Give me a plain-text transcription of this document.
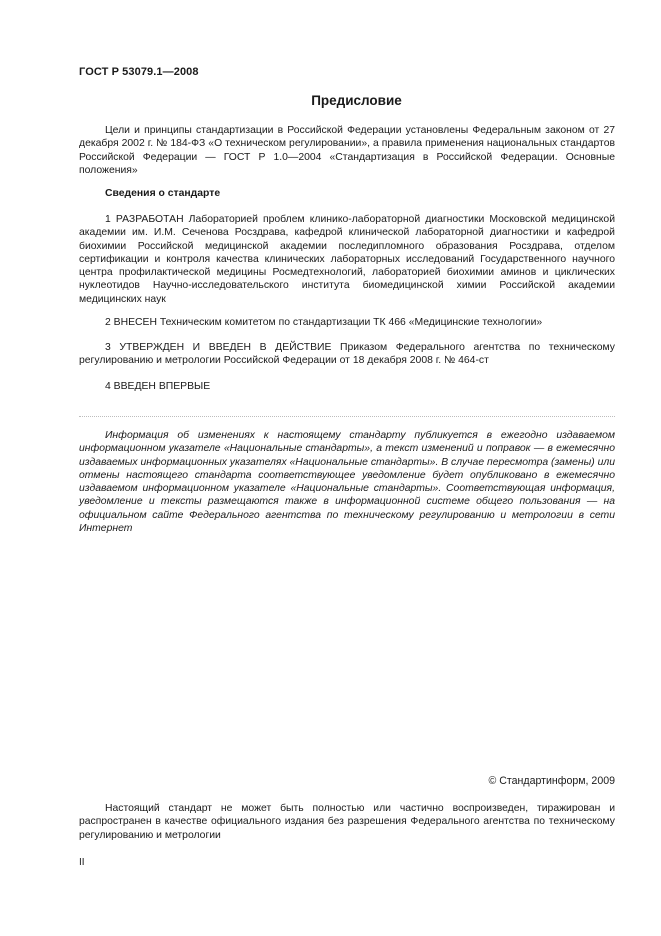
ГОСТ Р 53079.1—2008
Предисловие

Цели и принципы стандартизации в Российской Федерации установлены Федеральным законом от 27 декабря 2002 г. № 184-ФЗ «О техническом регулировании», а правила применения национальных стандартов Российской Федерации — ГОСТ Р 1.0—2004 «Стандартизация в Российской Федерации. Основные положения»

Сведения о стандарте

1 РАЗРАБОТАН Лабораторией проблем клинико-лабораторной диагностики Московской медицинской академии им. И.М. Сеченова Росздрава, кафедрой клинической лабораторной диагностики и кафедрой биохимии Российской медицинской академии последипломного образования Росздрава, отделом сертификации и контроля качества клинических лабораторных исследований Государственного научного центра профилактической медицины Росмедтехнологий, лабораторией биохимии аминов и циклических нуклеотидов Научно-исследовательского института биомедицинской химии Российской академии медицинских наук

2 ВНЕСЕН Техническим комитетом по стандартизации ТК 466 «Медицинские технологии»

3 УТВЕРЖДЕН И ВВЕДЕН В ДЕЙСТВИЕ Приказом Федерального агентства по техническому регулированию и метрологии Российской Федерации от 18 декабря 2008 г. № 464-ст

4 ВВЕДЕН ВПЕРВЫЕ

Информация об изменениях к настоящему стандарту публикуется в ежегодно издаваемом информационном указателе «Национальные стандарты», а текст изменений и поправок — в ежемесячно издаваемых информационных указателях «Национальные стандарты». В случае пересмотра (замены) или отмены настоящего стандарта соответствующее уведомление будет опубликовано в ежемесячно издаваемом информационном указателе «Национальные стандарты». Соответствующая информация, уведомление и тексты размещаются также в информационной системе общего пользования — на официальном сайте Федерального агентства по техническому регулированию и метрологии в сети Интернет

© Стандартинформ, 2009

Настоящий стандарт не может быть полностью или частично воспроизведен, тиражирован и распространен в качестве официального издания без разрешения Федерального агентства по техническому регулированию и метрологии

II
